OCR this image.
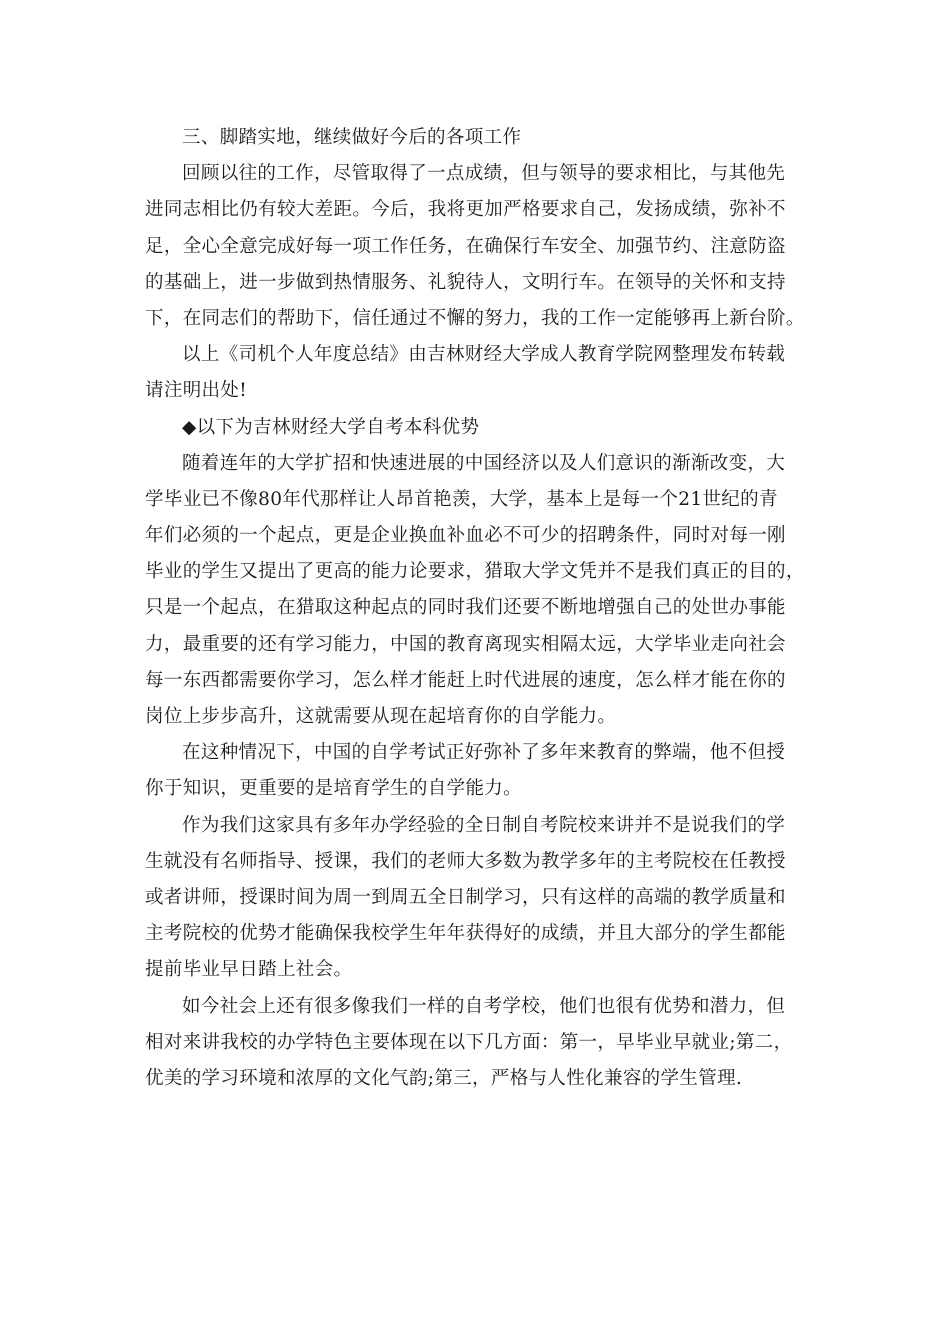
三、脚踏实地，继续做好今后的各项工作
回顾以往的工作，尽管取得了一点成绩，但与领导的要求相比，与其他先
进同志相比仍有较大差距。今后，我将更加严格要求自己，发扬成绩，弥补不
足，全心全意完成好每一项工作任务，在确保行车安全、加强节约、注意防盗
的基础上，进一步做到热情服务、礼貌待人，文明行车。在领导的关怀和支持
下，在同志们的帮助下，信任通过不懈的努力，我的工作一定能够再上新台阶。
以上《司机个人年度总结》由吉林财经大学成人教育学院网整理发布转载
请注明出处!
◆以下为吉林财经大学自考本科优势
随着连年的大学扩招和快速进展的中国经济以及人们意识的渐渐改变，大
学毕业已不像80年代那样让人昂首艳羡，大学，基本上是每一个21世纪的青
年们必须的一个起点，更是企业换血补血必不可少的招聘条件，同时对每一刚
毕业的学生又提出了更高的能力论要求，猎取大学文凭并不是我们真正的目的，
只是一个起点，在猎取这种起点的同时我们还要不断地增强自己的处世办事能
力，最重要的还有学习能力，中国的教育离现实相隔太远，大学毕业走向社会
每一东西都需要你学习，怎么样才能赶上时代进展的速度，怎么样才能在你的
岗位上步步高升，这就需要从现在起培育你的自学能力。
在这种情况下，中国的自学考试正好弥补了多年来教育的弊端，他不但授
你于知识，更重要的是培育学生的自学能力。
作为我们这家具有多年办学经验的全日制自考院校来讲并不是说我们的学
生就没有名师指导、授课，我们的老师大多数为教学多年的主考院校在任教授
或者讲师，授课时间为周一到周五全日制学习，只有这样的高端的教学质量和
主考院校的优势才能确保我校学生年年获得好的成绩，并且大部分的学生都能
提前毕业早日踏上社会。
如今社会上还有很多像我们一样的自考学校，他们也很有优势和潜力，但
相对来讲我校的办学特色主要体现在以下几方面：第一，早毕业早就业;第二，
优美的学习环境和浓厚的文化气韵;第三，严格与人性化兼容的学生管理.
